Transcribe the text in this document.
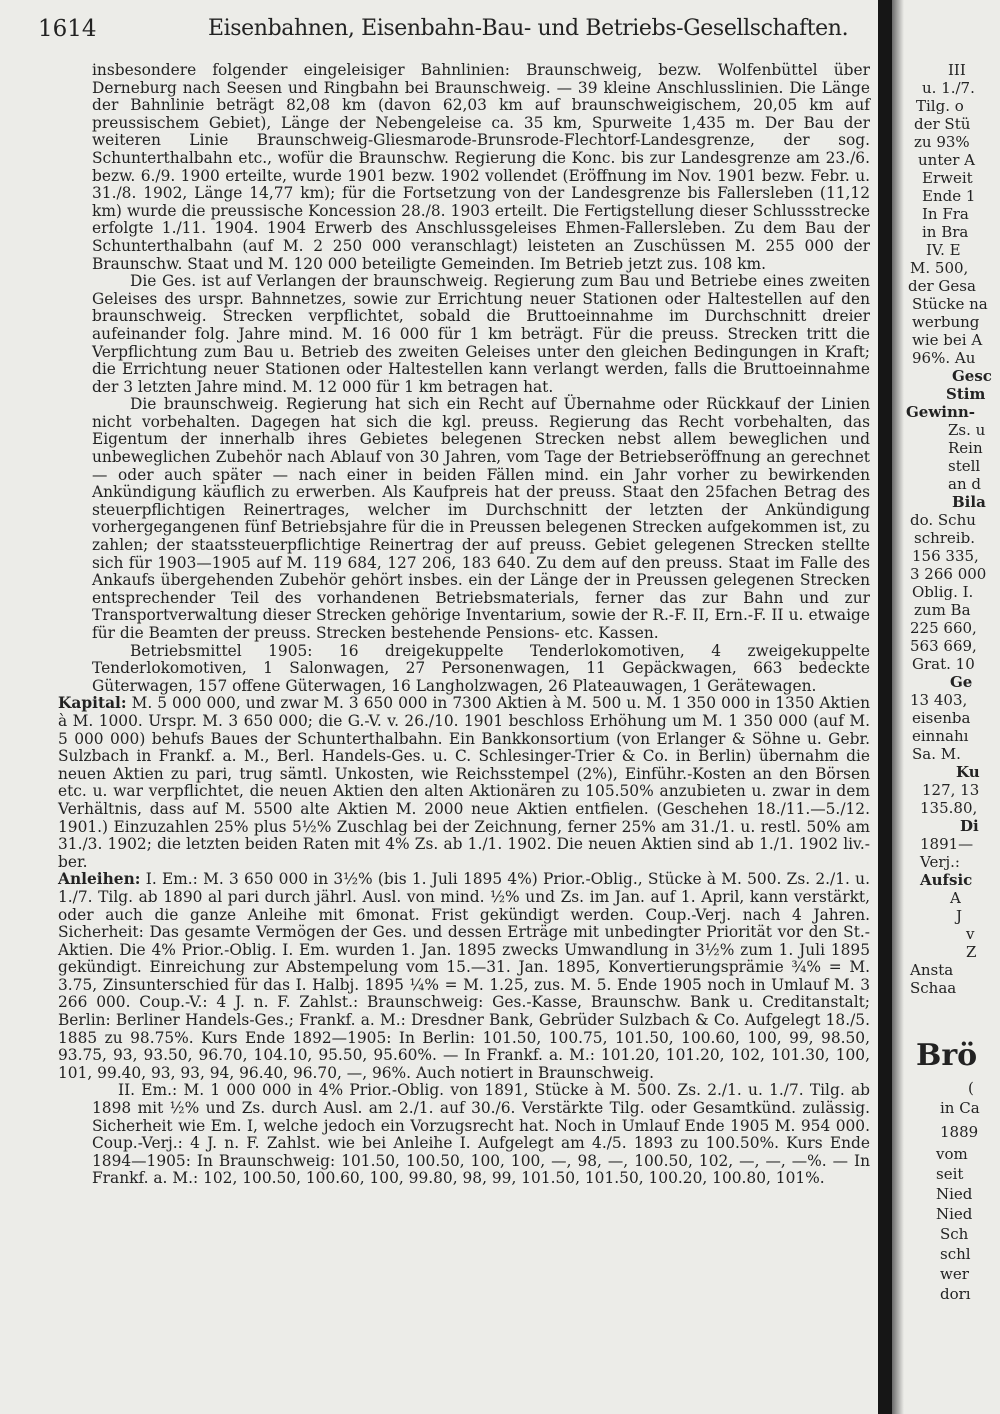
1614	Eisenbahnen, Eisenbahn-Bau- und Betriebs-Gesellschaften.

insbesondere folgender eingeleisiger Bahnlinien: Braunschweig, bezw. Wolfenbüttel über Derneburg nach Seesen und Ringbahn bei Braunschweig. — 39 kleine Anschlusslinien. Die Länge der Bahnlinie beträgt 82,08 km (davon 62,03 km auf braunschweigischem, 20,05 km auf preussischem Gebiet), Länge der Nebengeleise ca. 35 km, Spurweite 1,435 m. Der Bau der weiteren Linie Braunschweig-Gliesmarode-Brunsrode-Flechtorf-Landesgrenze, der sog. Schunterthalbahn etc., wofür die Braunschw. Regierung die Konc. bis zur Landesgrenze am 23./6. bezw. 6./9. 1900 erteilte, wurde 1901 bezw. 1902 vollendet (Eröffnung im Nov. 1901 bezw. Febr. u. 31./8. 1902, Länge 14,77 km); für die Fortsetzung von der Landesgrenze bis Fallersleben (11,12 km) wurde die preussische Koncession 28./8. 1903 erteilt. Die Fertigstellung dieser Schlussstrecke erfolgte 1./11. 1904. 1904 Erwerb des Anschlussgeleises Ehmen-Fallersleben. Zu dem Bau der Schunterthalbahn (auf M. 2 250 000 veranschlagt) leisteten an Zuschüssen M. 255 000 der Braunschw. Staat und M. 120 000 beteiligte Gemeinden. Im Betrieb jetzt zus. 108 km.

Die Ges. ist auf Verlangen der braunschweig. Regierung zum Bau und Betriebe eines zweiten Geleises des urspr. Bahnnetzes, sowie zur Errichtung neuer Stationen oder Haltestellen auf den braunschweig. Strecken verpflichtet, sobald die Bruttoeinnahme im Durchschnitt dreier aufeinander folg. Jahre mind. M. 16 000 für 1 km beträgt. Für die preuss. Strecken tritt die Verpflichtung zum Bau u. Betrieb des zweiten Geleises unter den gleichen Bedingungen in Kraft; die Errichtung neuer Stationen oder Haltestellen kann verlangt werden, falls die Bruttoeinnahme der 3 letzten Jahre mind. M. 12 000 für 1 km betragen hat.

Die braunschweig. Regierung hat sich ein Recht auf Übernahme oder Rückkauf der Linien nicht vorbehalten. Dagegen hat sich die kgl. preuss. Regierung das Recht vorbehalten, das Eigentum der innerhalb ihres Gebietes belegenen Strecken nebst allem beweglichen und unbeweglichen Zubehör nach Ablauf von 30 Jahren, vom Tage der Betriebseröffnung an gerechnet — oder auch später — nach einer in beiden Fällen mind. ein Jahr vorher zu bewirkenden Ankündigung käuflich zu erwerben. Als Kaufpreis hat der preuss. Staat den 25fachen Betrag des steuerpflichtigen Reinertrages, welcher im Durchschnitt der letzten der Ankündigung vorhergegangenen fünf Betriebsjahre für die in Preussen belegenen Strecken aufgekommen ist, zu zahlen; der staatssteuerpflichtige Reinertrag der auf preuss. Gebiet gelegenen Strecken stellte sich für 1903—1905 auf M. 119 684, 127 206, 183 640. Zu dem auf den preuss. Staat im Falle des Ankaufs übergehenden Zubehör gehört insbes. ein der Länge der in Preussen gelegenen Strecken entsprechender Teil des vorhandenen Betriebsmaterials, ferner das zur Bahn und zur Transportverwaltung dieser Strecken gehörige Inventarium, sowie der R.-F. II, Ern.-F. II u. etwaige für die Beamten der preuss. Strecken bestehende Pensions- etc. Kassen.

Betriebsmittel 1905: 16 dreigekuppelte Tenderlokomotiven, 4 zweigekuppelte Tenderlokomotiven, 1 Salonwagen, 27 Personenwagen, 11 Gepäckwagen, 663 bedeckte Güterwagen, 157 offene Güterwagen, 16 Langholzwagen, 26 Plateauwagen, 1 Gerätewagen.

Kapital: M. 5 000 000, und zwar M. 3 650 000 in 7300 Aktien à M. 500 u. M. 1 350 000 in 1350 Aktien à M. 1000. Urspr. M. 3 650 000; die G.-V. v. 26./10. 1901 beschloss Erhöhung um M. 1 350 000 (auf M. 5 000 000) behufs Baues der Schunterthalbahn. Ein Bankkonsortium (von Erlanger & Söhne u. Gebr. Sulzbach in Frankf. a. M., Berl. Handels-Ges. u. C. Schlesinger-Trier & Co. in Berlin) übernahm die neuen Aktien zu pari, trug sämtl. Unkosten, wie Reichsstempel (2%), Einführ.-Kosten an den Börsen etc. u. war verpflichtet, die neuen Aktien den alten Aktionären zu 105.50% anzubieten u. zwar in dem Verhältnis, dass auf M. 5500 alte Aktien M. 2000 neue Aktien entfielen. (Geschehen 18./11.—5./12. 1901.) Einzuzahlen 25% plus 5½% Zuschlag bei der Zeichnung, ferner 25% am 31./1. u. restl. 50% am 31./3. 1902; die letzten beiden Raten mit 4% Zs. ab 1./1. 1902. Die neuen Aktien sind ab 1./1. 1902 liv.-ber.

Anleihen: I. Em.: M. 3 650 000 in 3½% (bis 1. Juli 1895 4%) Prior.-Oblig., Stücke à M. 500. Zs. 2./1. u. 1./7. Tilg. ab 1890 al pari durch jährl. Ausl. von mind. ½% und Zs. im Jan. auf 1. April, kann verstärkt, oder auch die ganze Anleihe mit 6monat. Frist gekündigt werden. Coup.-Verj. nach 4 Jahren. Sicherheit: Das gesamte Vermögen der Ges. und dessen Erträge mit unbedingter Priorität vor den St.-Aktien. Die 4% Prior.-Oblig. I. Em. wurden 1. Jan. 1895 zwecks Umwandlung in 3½% zum 1. Juli 1895 gekündigt. Einreichung zur Abstempelung vom 15.—31. Jan. 1895, Konvertierungsprämie ¾% = M. 3.75, Zinsunterschied für das I. Halbj. 1895 ¼% = M. 1.25, zus. M. 5. Ende 1905 noch in Umlauf M. 3 266 000. Coup.-V.: 4 J. n. F. Zahlst.: Braunschweig: Ges.-Kasse, Braunschw. Bank u. Creditanstalt; Berlin: Berliner Handels-Ges.; Frankf. a. M.: Dresdner Bank, Gebrüder Sulzbach & Co. Aufgelegt 18./5. 1885 zu 98.75%. Kurs Ende 1892—1905: In Berlin: 101.50, 100.75, 101.50, 100.60, 100, 99, 98.50, 93.75, 93, 93.50, 96.70, 104.10, 95.50, 95.60%. — In Frankf. a. M.: 101.20, 101.20, 102, 101.30, 100, 101, 99.40, 93, 93, 94, 96.40, 96.70, —, 96%. Auch notiert in Braunschweig.

II. Em.: M. 1 000 000 in 4% Prior.-Oblig. von 1891, Stücke à M. 500. Zs. 2./1. u. 1./7. Tilg. ab 1898 mit ½% und Zs. durch Ausl. am 2./1. auf 30./6. Verstärkte Tilg. oder Gesamtkünd. zulässig. Sicherheit wie Em. I, welche jedoch ein Vorzugsrecht hat. Noch in Umlauf Ende 1905 M. 954 000. Coup.-Verj.: 4 J. n. F. Zahlst. wie bei Anleihe I. Aufgelegt am 4./5. 1893 zu 100.50%. Kurs Ende 1894—1905: In Braunschweig: 101.50, 100.50, 100, 100, —, 98, —, 100.50, 102, —, —, —%. — In Frankf. a. M.: 102, 100.50, 100.60, 100, 99.80, 98, 99, 101.50, 101.50, 100.20, 100.80, 101%.

III
u. 1./7.
Tilg. o
der Stü
zu 93%
unter A
Erweit
Ende 1
In Fra
in Bra
IV. E
M. 500,
der Gesa
Stücke na
werbung
wie bei A
96%. Au
Gesc
Stim
Gewinn-
Zs. u
Rein
stell
an d
Bila
do. Schu
schreib.
156 335,
3 266 000
Oblig. I.
zum Ba
225 660,
563 669,
Grat. 10
Ge
13 403,
eisenba
einnahı
Sa. M.
Ku
127, 13
135.80,
Di
1891—
Verj.:
Aufsic
A
J
v
Z
Ansta
Schaa
Brö
(
in Ca
1889
vom
seit
Nied
Nied
Sch
schl
wer
dorı
